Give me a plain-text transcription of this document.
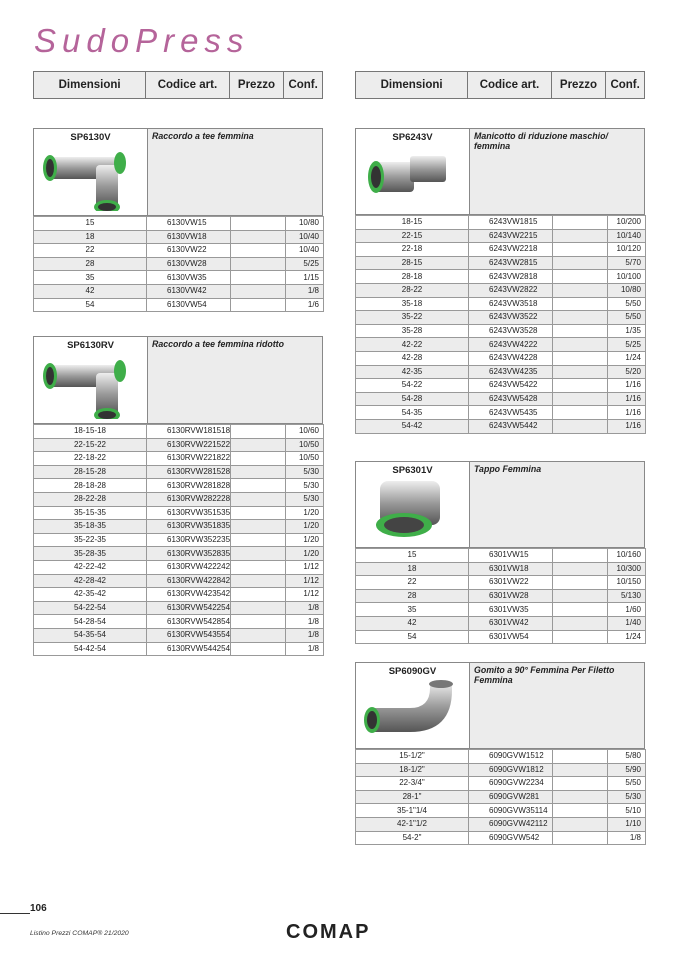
SudoPress
Dimensioni	Codice art.	Prezzo	Conf.	Dimensioni	Codice art.	Prezzo	Conf.
SP6130V	Raccordo a tee femmina
15	6130VW15		10/80
18	6130VW18		10/40
22	6130VW22		10/40
28	6130VW28		5/25
35	6130VW35		1/15
42	6130VW42		1/8
54	6130VW54		1/6
SP6130RV	Raccordo a tee femmina ridotto
18-15-18	6130RVW181518		10/60
22-15-22	6130RVW221522		10/50
22-18-22	6130RVW221822		10/50
28-15-28	6130RVW281528		5/30
28-18-28	6130RVW281828		5/30
28-22-28	6130RVW282228		5/30
35-15-35	6130RVW351535		1/20
35-18-35	6130RVW351835		1/20
35-22-35	6130RVW352235		1/20
35-28-35	6130RVW352835		1/20
42-22-42	6130RVW422242		1/12
42-28-42	6130RVW422842		1/12
42-35-42	6130RVW423542		1/12
54-22-54	6130RVW542254		1/8
54-28-54	6130RVW542854		1/8
54-35-54	6130RVW543554		1/8
54-42-54	6130RVW544254		1/8
SP6243V	Manicotto di riduzione maschio/ femmina
18-15	6243VW1815		10/200
22-15	6243VW2215		10/140
22-18	6243VW2218		10/120
28-15	6243VW2815		5/70
28-18	6243VW2818		10/100
28-22	6243VW2822		10/80
35-18	6243VW3518		5/50
35-22	6243VW3522		5/50
35-28	6243VW3528		1/35
42-22	6243VW4222		5/25
42-28	6243VW4228		1/24
42-35	6243VW4235		5/20
54-22	6243VW5422		1/16
54-28	6243VW5428		1/16
54-35	6243VW5435		1/16
54-42	6243VW5442		1/16
SP6301V	Tappo Femmina
15	6301VW15		10/160
18	6301VW18		10/300
22	6301VW22		10/150
28	6301VW28		5/130
35	6301VW35		1/60
42	6301VW42		1/40
54	6301VW54		1/24
SP6090GV	Gomito a 90° Femmina Per Filetto Femmina
15-1/2"	6090GVW1512		5/80
18-1/2"	6090GVW1812		5/90
22-3/4"	6090GVW2234		5/50
28-1"	6090GVW281		5/30
35-1"1/4	6090GVW35114		5/10
42-1"1/2	6090GVW42112		1/10
54-2"	6090GVW542		1/8
106
Listino Prezzi COMAP® 21/2020	COMAP
